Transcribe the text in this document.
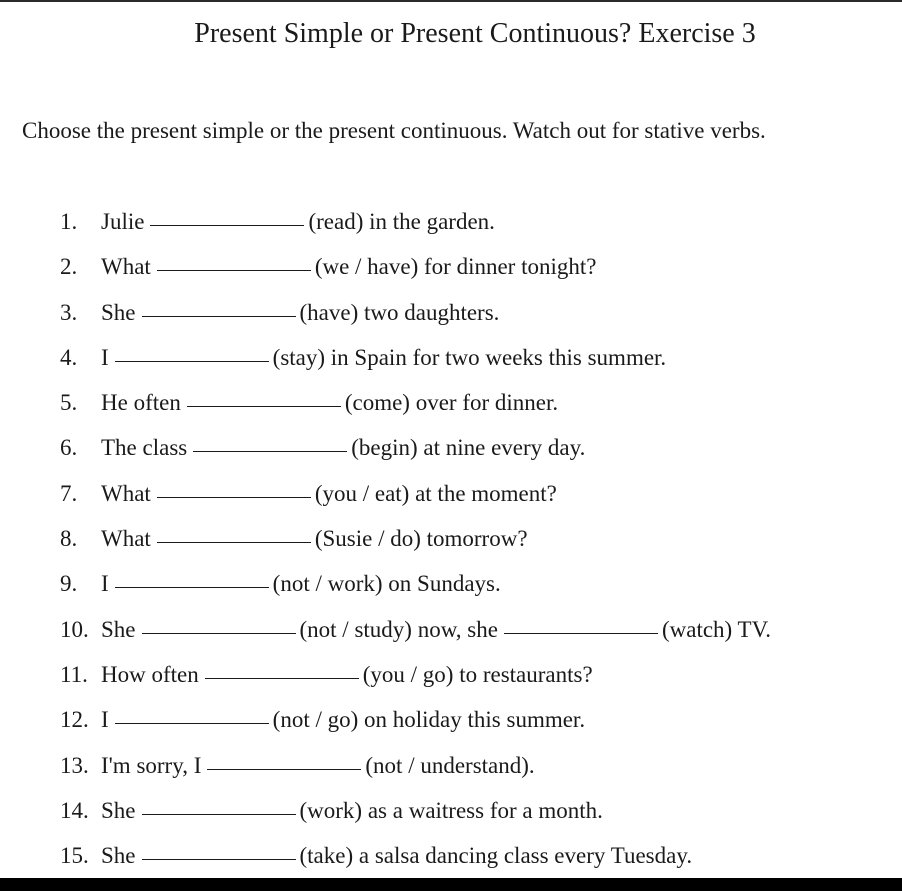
Present Simple or Present Continuous? Exercise 3
Choose the present simple or the present continuous. Watch out for stative verbs.
1. Julie	(read) in the garden.
2. What	(we / have) for dinner tonight?
3. She	(have) two daughters.
4. I	(stay) in Spain for two weeks this summer.
5. He often	(come) over for dinner.
6. The class	(begin) at nine every day.
7. What	(you / eat) at the moment?
8. What	(Susie / do) tomorrow?
9. I	(not / work) on Sundays.
10. She	(not / study) now, she	(watch) TV.
11. How often	(you / go) to restaurants?
12. I	(not / go) on holiday this summer.
13. I'm sorry, I	(not / understand).
14. She	(work) as a waitress for a month.
15. She	(take) a salsa dancing class every Tuesday.
